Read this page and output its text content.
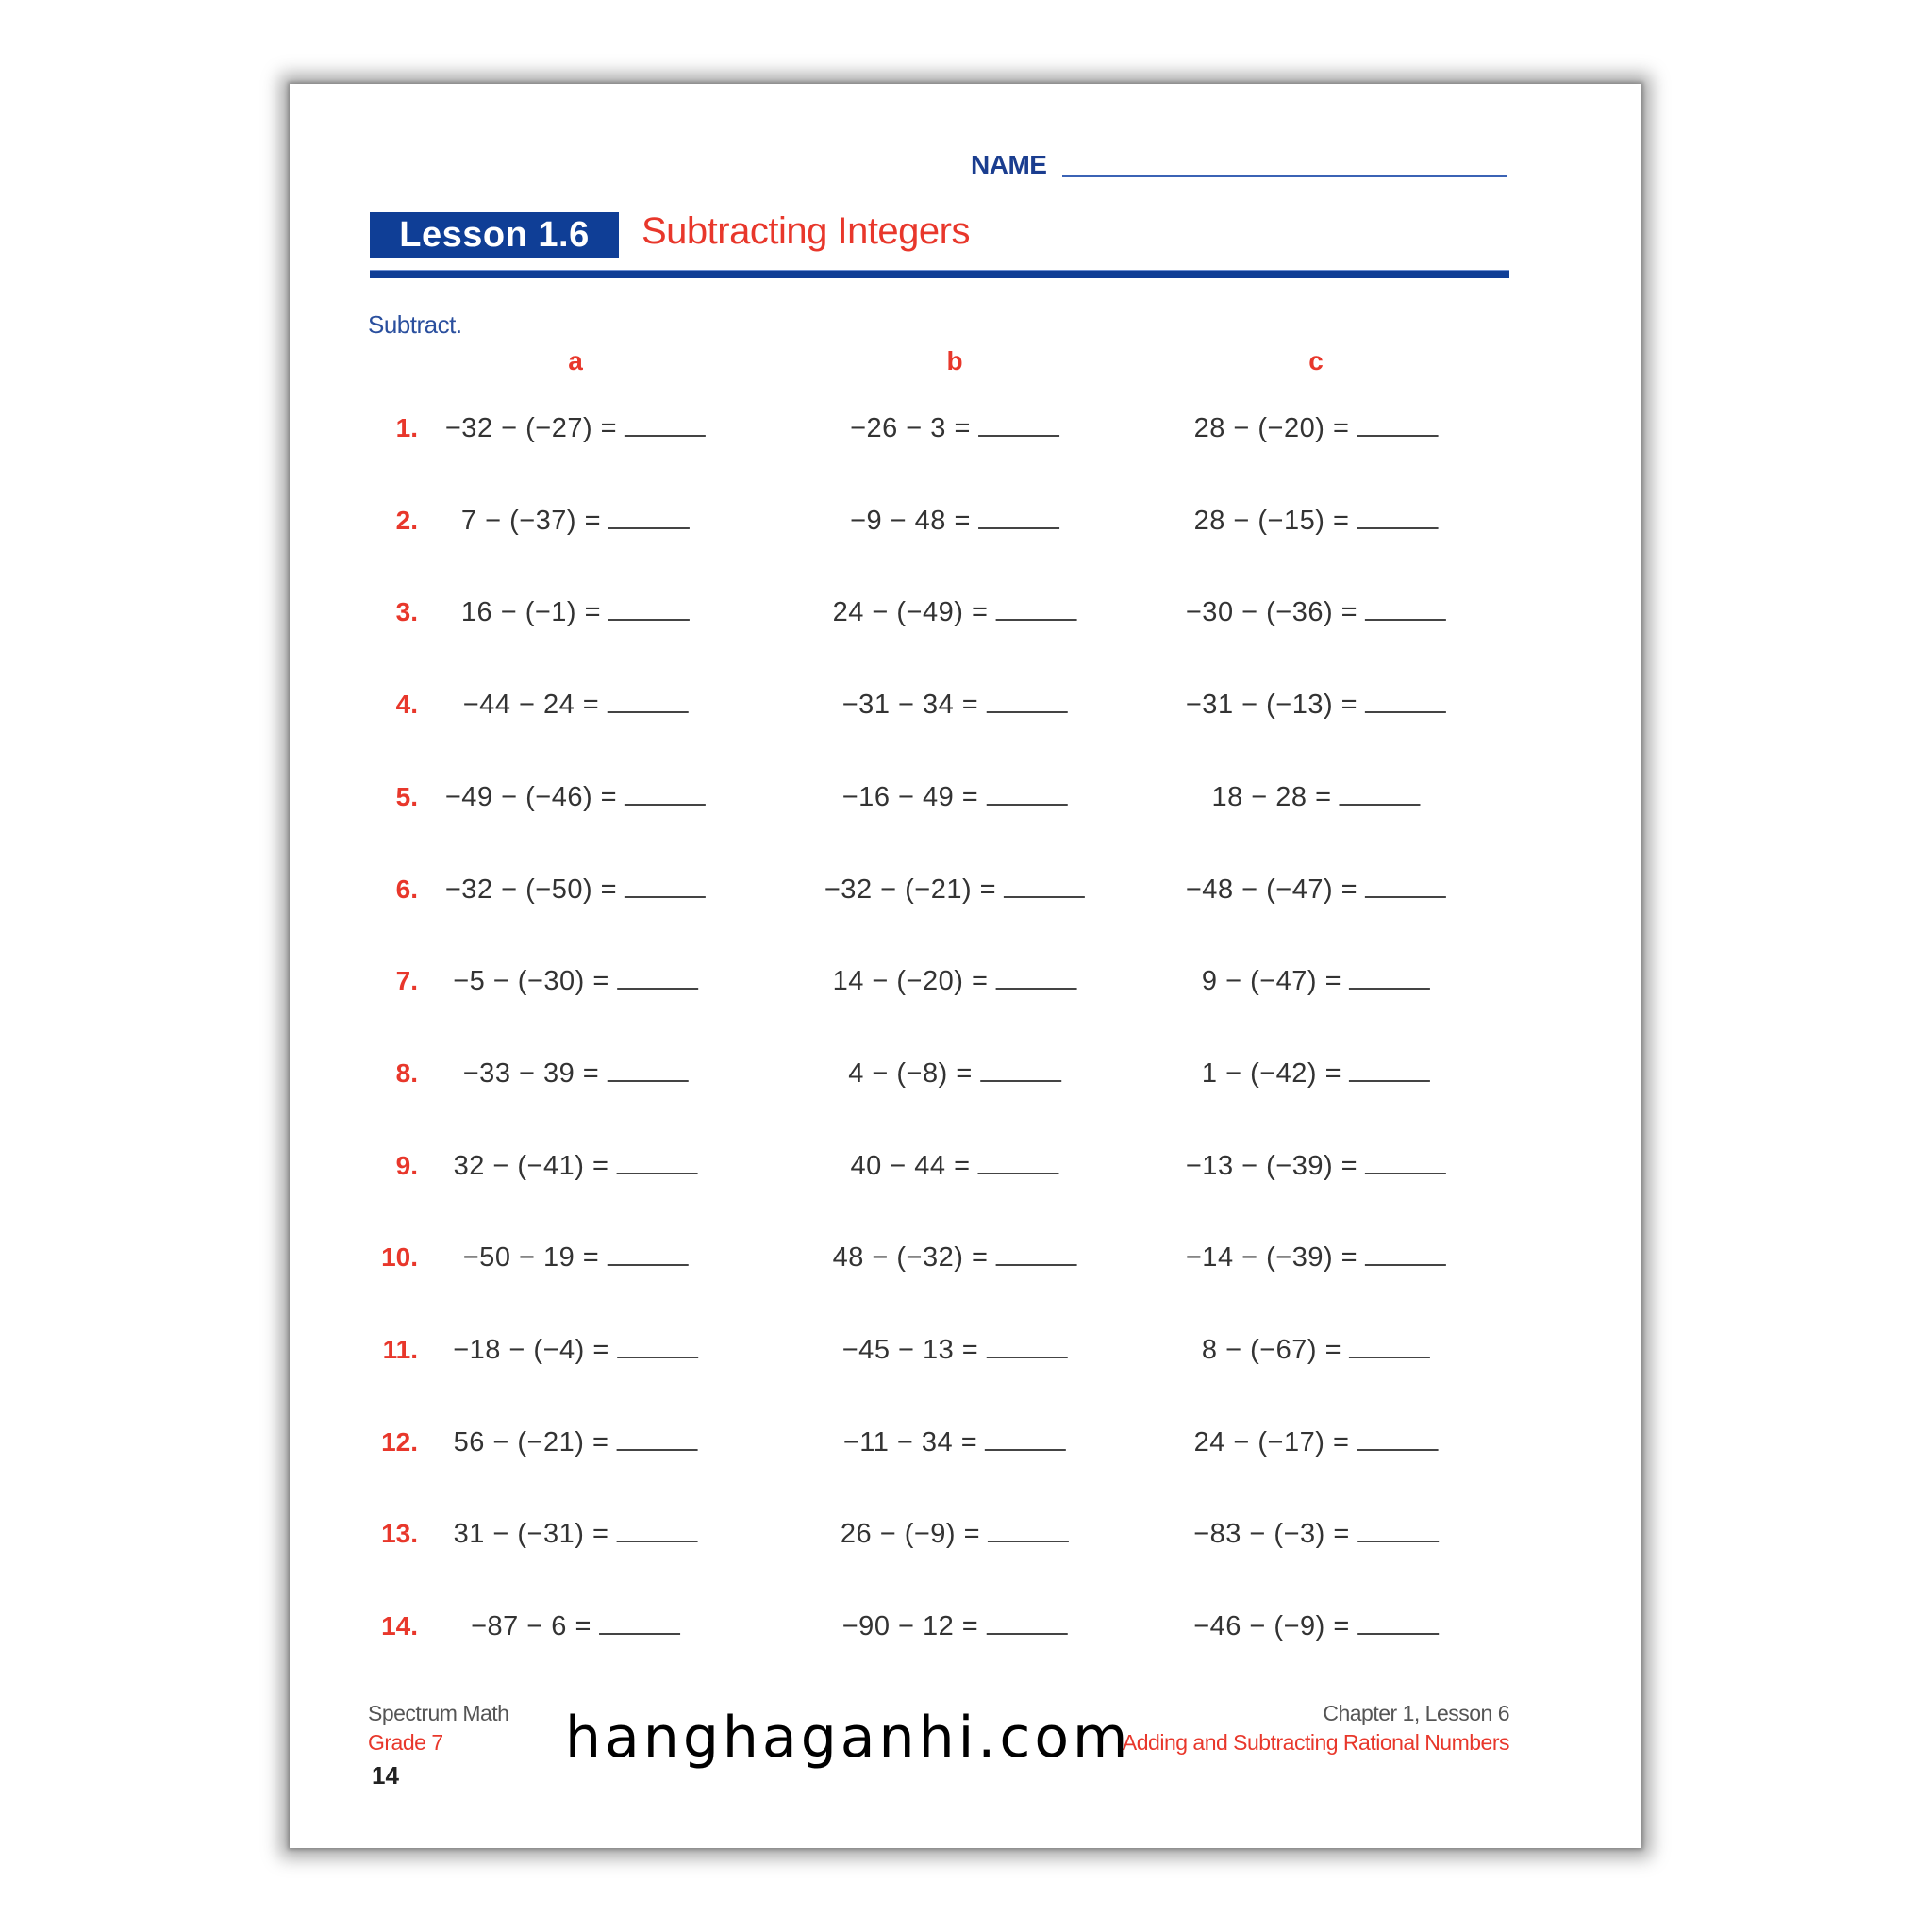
NAME
Lesson 1.6	Subtracting Integers
Subtract.
a	b	c
1. −32 − (−27) =	−26 − 3 =	28 − (−20) =
2. 7 − (−37) =	−9 − 48 =	28 − (−15) =
3. 16 − (−1) =	24 − (−49) =	−30 − (−36) =
4. −44 − 24 =	−31 − 34 =	−31 − (−13) =
5. −49 − (−46) =	−16 − 49 =	18 − 28 =
6. −32 − (−50) =	−32 − (−21) =	−48 − (−47) =
7. −5 − (−30) =	14 − (−20) =	9 − (−47) =
8. −33 − 39 =	4 − (−8) =	1 − (−42) =
9. 32 − (−41) =	40 − 44 =	−13 − (−39) =
10. −50 − 19 =	48 − (−32) =	−14 − (−39) =
11. −18 − (−4) =	−45 − 13 =	8 − (−67) =
12. 56 − (−21) =	−11 − 34 =	24 − (−17) =
13. 31 − (−31) =	26 − (−9) =	−83 − (−3) =
14. −87 − 6 =	−90 − 12 =	−46 − (−9) =
Spectrum Math
Grade 7
14
Chapter 1, Lesson 6
Adding and Subtracting Rational Numbers
hanghaganhi.com
